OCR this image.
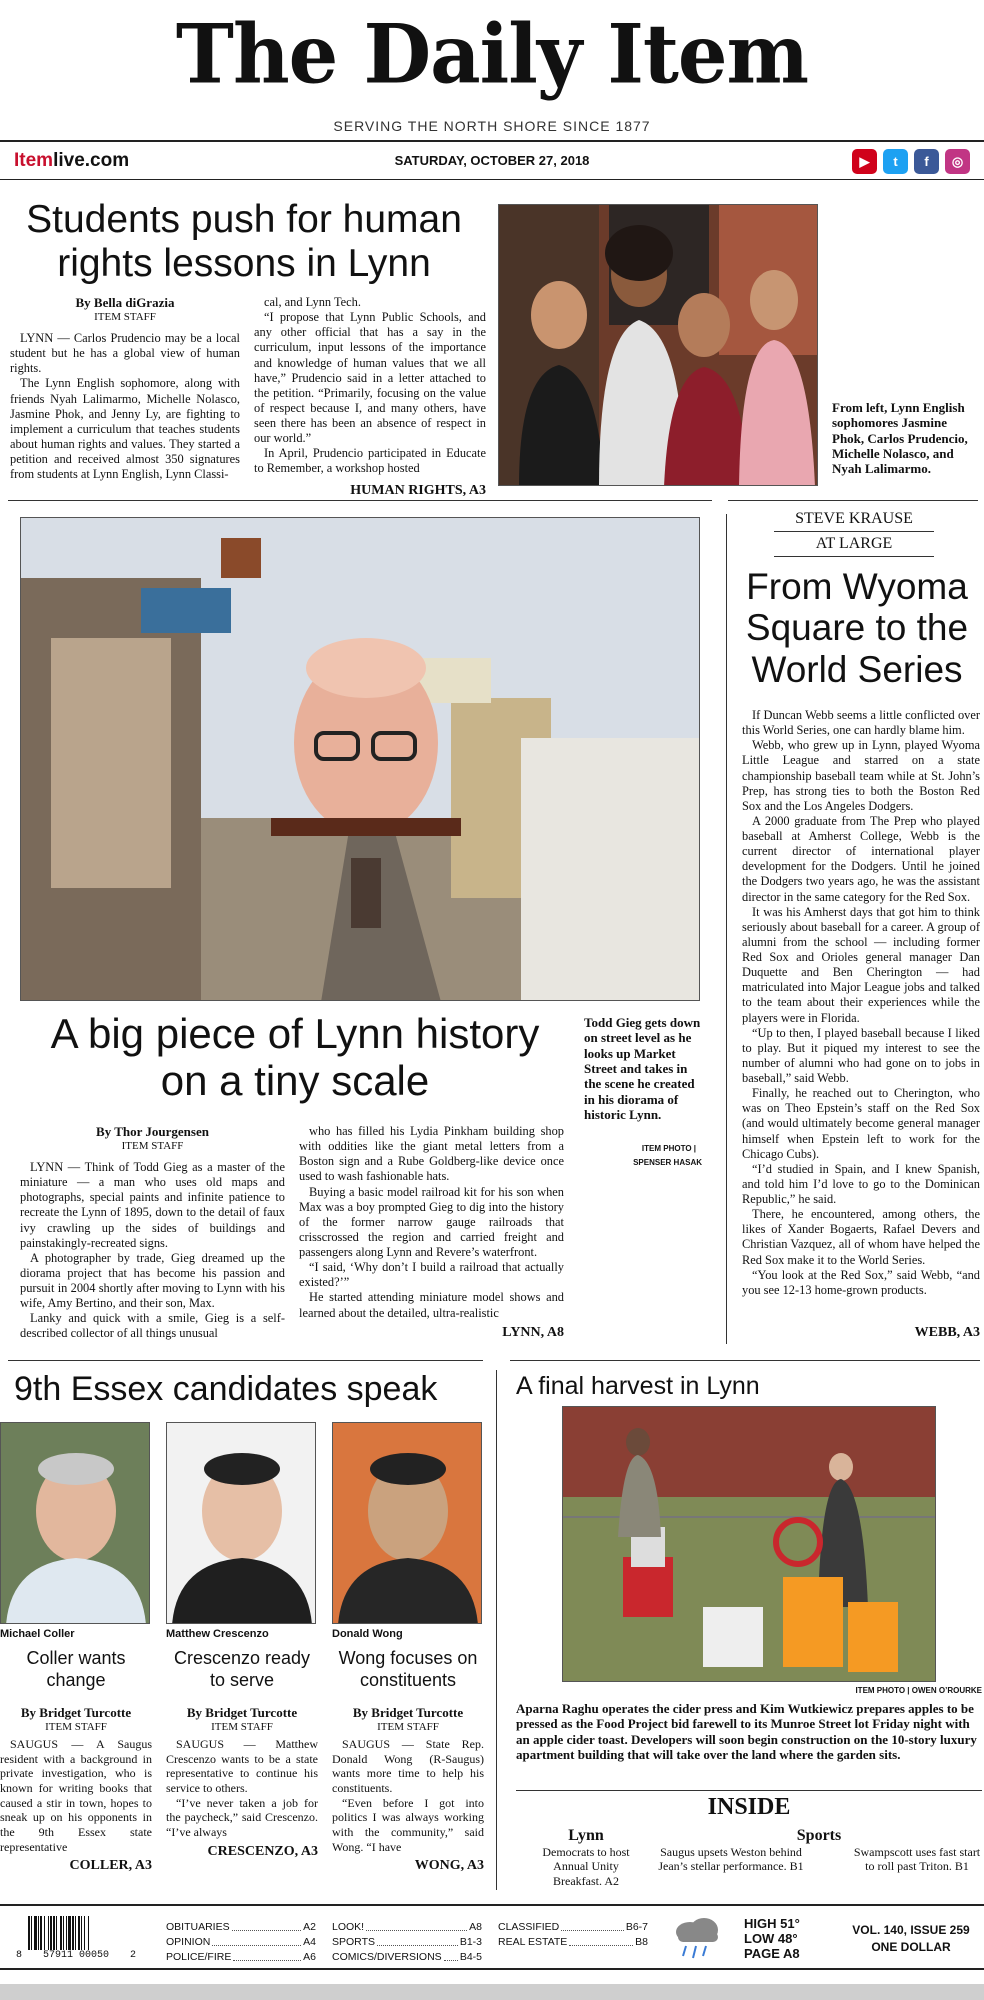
The Daily Item
SERVING THE NORTH SHORE SINCE 1877
Itemlive.com	SATURDAY, OCTOBER 27, 2018	▶	t	f	◎
Students push for human rights lessons in Lynn
By Bella diGrazia
ITEM STAFF

LYNN — Carlos Prudencio may be a local student but he has a global view of human rights.

The Lynn English sophomore, along with friends Nyah Lalimarmo, Michelle Nolasco, Jasmine Phok, and Jenny Ly, are fighting to implement a curriculum that teaches students about human rights and values. They started a petition and received almost 350 signatures from students at Lynn English, Lynn Classi-

cal, and Lynn Tech.

“I propose that Lynn Public Schools, and any other official that has a say in the curriculum, input lessons of the importance and knowledge of human values that we all have,” Prudencio said in a letter attached to the petition. “Primarily, focusing on the value of respect because I, and many others, have seen there has been an absence of respect in our world.”

In April, Prudencio participated in Educate to Remember, a workshop hosted

HUMAN RIGHTS, A3
From left, Lynn English sophomores Jasmine Phok, Carlos Prudencio, Michelle Nolasco, and Nyah Lalimarmo.
A big piece of Lynn history on a tiny scale
Todd Gieg gets down on street level as he looks up Market Street and takes in the scene he created in his diorama of historic Lynn.
ITEM PHOTO |
SPENSER HASAK
By Thor Jourgensen
ITEM STAFF

LYNN — Think of Todd Gieg as a master of the miniature — a man who uses old maps and photographs, special paints and infinite patience to recreate the Lynn of 1895, down to the detail of faux ivy crawling up the sides of buildings and painstakingly-recreated signs.

A photographer by trade, Gieg dreamed up the diorama project that has become his passion and pursuit in 2004 shortly after moving to Lynn with his wife, Amy Bertino, and their son, Max.

Lanky and quick with a smile, Gieg is a self-described collector of all things unusual

who has filled his Lydia Pinkham building shop with oddities like the giant metal letters from a Boston sign and a Rube Goldberg-like device once used to wash fashionable hats.

Buying a basic model railroad kit for his son when Max was a boy prompted Gieg to dig into the history of the former narrow gauge railroads that crisscrossed the region and carried freight and passengers along Lynn and Revere’s waterfront.

“I said, ‘Why don’t I build a railroad that actually existed?’”

He started attending miniature model shows and learned about the detailed, ultra-realistic

LYNN, A8
STEVE KRAUSE
AT LARGE
From Wyoma Square to the World Series

If Duncan Webb seems a little conflicted over this World Series, one can hardly blame him.

Webb, who grew up in Lynn, played Wyoma Little League and starred on a state championship baseball team while at St. John’s Prep, has strong ties to both the Boston Red Sox and the Los Angeles Dodgers.

A 2000 graduate from The Prep who played baseball at Amherst College, Webb is the current director of international player development for the Dodgers. Until he joined the Dodgers two years ago, he was the assistant director in the same category for the Red Sox.

It was his Amherst days that got him to think seriously about baseball for a career. A group of alumni from the school — including former Red Sox and Orioles general manager Dan Duquette and Ben Cherington — had matriculated into Major League jobs and talked to the team about their experiences while the players were in Florida.

“Up to then, I played baseball because I liked to play. But it piqued my interest to see the number of alumni who had gone on to jobs in baseball,” said Webb.

Finally, he reached out to Cherington, who was on Theo Epstein’s staff on the Red Sox (and would ultimately become general manager himself when Epstein left to work for the Chicago Cubs).

“I’d studied in Spain, and I knew Spanish, and told him I’d love to go to the Dominican Republic,” he said.

There, he encountered, among others, the likes of Xander Bogaerts, Rafael Devers and Christian Vazquez, all of whom have helped the Red Sox make it to the World Series.

“You look at the Red Sox,” said Webb, “and you see 12-13 home-grown products.

WEBB, A3
9th Essex candidates speak
Michael Coller
Coller wants change
By Bridget Turcotte
ITEM STAFF

SAUGUS — A Saugus resident with a background in private investigation, who is known for writing books that caused a stir in town, hopes to sneak up on his opponents in the 9th Essex state representative

COLLER, A3
Matthew Crescenzo
Crescenzo ready to serve
By Bridget Turcotte
ITEM STAFF

SAUGUS — Matthew Crescenzo wants to be a state representative to continue his service to others.

“I’ve never taken a job for the paycheck,” said Crescenzo. “I’ve always

CRESCENZO, A3
Donald Wong
Wong focuses on constituents
By Bridget Turcotte
ITEM STAFF

SAUGUS — State Rep. Donald Wong (R-Saugus) wants more time to help his constituents.

“Even before I got into politics I was always working with the community,” said Wong. “I have

WONG, A3
A final harvest in Lynn
ITEM PHOTO | OWEN O’ROURKE
Aparna Raghu operates the cider press and Kim Wutkiewicz prepares apples to be pressed as the Food Project bid farewell to its Munroe Street lot Friday night with an apple cider toast. Developers will soon begin construction on the 10-story luxury apartment building that will take over the land where the garden sits.
INSIDE
Lynn
Democrats to host Annual Unity Breakfast. A2
Sports
Saugus upsets Weston behind Jean’s stellar performance. B1
Swampscott uses fast start to roll past Triton. B1
8 57911 00050 2
OBITUARIES	A2
OPINION	A4
POLICE/FIRE	A6
LOOK!	A8
SPORTS	B1-3
COMICS/DIVERSIONS B4-5
CLASSIFIED	B6-7
REAL ESTATE	B8
HIGH 51°
LOW 48°
PAGE A8
VOL. 140, ISSUE 259
ONE DOLLAR
